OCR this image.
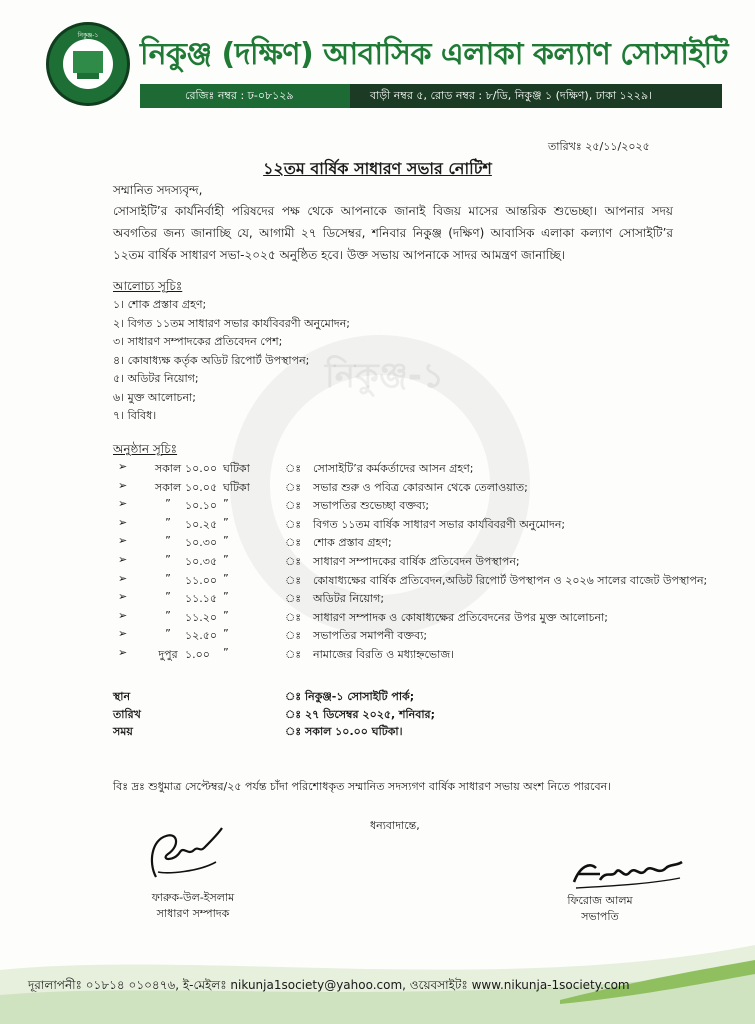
নিকুঞ্জ-১
নিকুঞ্জ (দক্ষিণ) আবাসিক এলাকা কল্যাণ সোসাইটি
রেজিঃ নম্বর : ঢ-০৮১২৯	বাড়ী নম্বর ৫, রোড নম্বর : ৮/ডি, নিকুঞ্জ ১ (দক্ষিণ), ঢাকা ১২২৯।
নিকুঞ্জ-১
তারিখঃ ২৫/১১/২০২৫
১২তম বার্ষিক সাধারণ সভার নোটিশ
সম্মানিত সদস্যবৃন্দ,
সোসাইটি’র কার্যনির্বাহী পরিষদের পক্ষ থেকে আপনাকে জানাই বিজয় মাসের আন্তরিক শুভেচ্ছা। আপনার সদয় অবগতির জন্য জানাচ্ছি যে, আগামী ২৭ ডিসেম্বর, শনিবার নিকুঞ্জ (দক্ষিণ) আবাসিক এলাকা কল্যাণ সোসাইটি’র ১২তম বার্ষিক সাধারণ সভা-২০২৫ অনুষ্ঠিত হবে। উক্ত সভায় আপনাকে সাদর আমন্ত্রণ জানাচ্ছি।
আলোচ্য সূচিঃ
১। শোক প্রস্তাব গ্রহণ;
২। বিগত ১১তম সাধারণ সভার কার্যবিবরণী অনুমোদন;
৩। সাধারণ সম্পাদকের প্রতিবেদন পেশ;
৪। কোষাধ্যক্ষ কর্তৃক অডিট রিপোর্ট উপস্থাপন;
৫। অডিটর নিয়োগ;
৬। মুক্ত আলোচনা;
৭। বিবিধ।
অনুষ্ঠান সূচিঃ
➢	সকাল ১০.০০ ঘটিকা	ঃ সোসাইটি’র কর্মকর্তাদের আসন গ্রহণ;
➢	সকাল ১০.০৫ ঘটিকা	ঃ সভার শুরু ও পবিত্র কোরআন থেকে তেলাওয়াত;
➢	”	১০.১০ ”	ঃ সভাপতির শুভেচ্ছা বক্তব্য;
➢	”	১০.২৫ ”	ঃ বিগত ১১তম বার্ষিক সাধারণ সভার কার্যবিবরণী অনুমোদন;
➢	”	১০.৩০ ”	ঃ শোক প্রস্তাব গ্রহণ;
➢	”	১০.৩৫ ”	ঃ সাধারণ সম্পাদকের বার্ষিক প্রতিবেদন উপস্থাপন;
➢	”	১১.০০ ”	ঃ কোষাধ্যক্ষের বার্ষিক প্রতিবেদন,অডিট রিপোর্ট উপস্থাপন ও ২০২৬ সালের বাজেট উপস্থাপন;
➢	”	১১.১৫ ”	ঃ অডিটর নিয়োগ;
➢	”	১১.২০ ”	ঃ সাধারণ সম্পাদক ও কোষাধ্যক্ষের প্রতিবেদনের উপর মুক্ত আলোচনা;
➢	”	১২.৫০ ”	ঃ সভাপতির সমাপনী বক্তব্য;
➢	দুপুর ১.০০ ”	ঃ নামাজের বিরতি ও মধ্যাহ্নভোজ।
স্থান	ঃ নিকুঞ্জ-১ সোসাইটি পার্ক;
তারিখ	ঃ ২৭ ডিসেম্বর ২০২৫, শনিবার;
সময়	ঃ সকাল ১০.০০ ঘটিকা।
বিঃ দ্রঃ শুধুমাত্র সেপ্টেম্বর/২৫ পর্যন্ত চাঁদা পরিশোধকৃত সম্মানিত সদস্যগণ বার্ষিক সাধারণ সভায় অংশ নিতে পারবেন।
ধন্যবাদান্তে,
ফারুক-উল-ইসলাম
সাধারণ সম্পাদক
ফিরোজ আলম
সভাপতি
দূরালাপনীঃ ০১৮১৪ ০১০৪৭৬, ই-মেইলঃ nikunja1society@yahoo.com, ওয়েবসাইটঃ www.nikunja-1society.com
